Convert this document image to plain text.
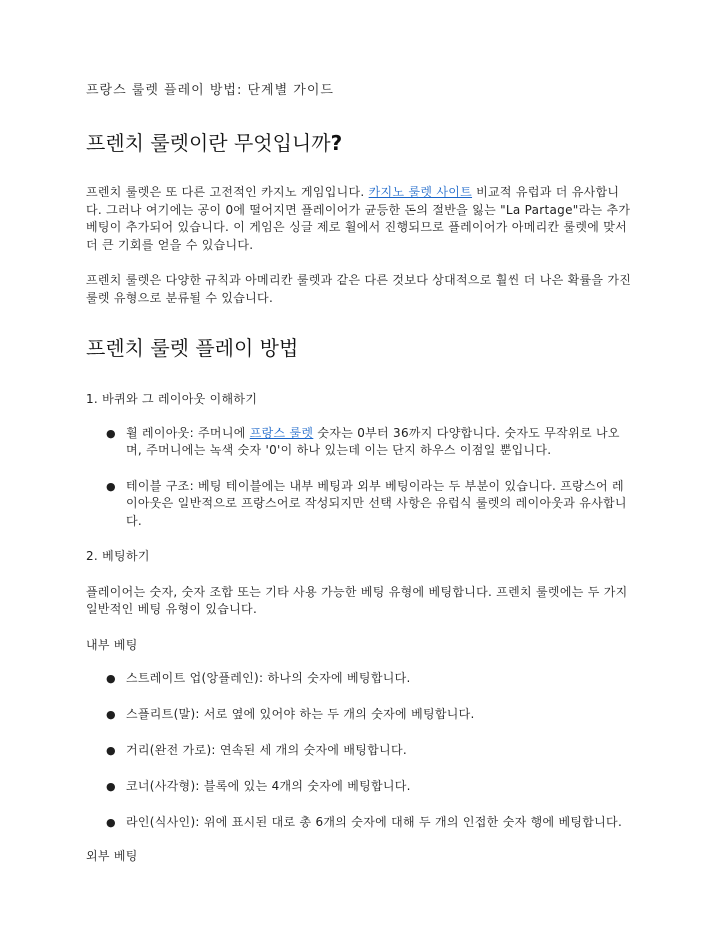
프랑스 룰렛 플레이 방법: 단계별 가이드

프렌치 룰렛이란 무엇입니까?

프렌치 룰렛은 또 다른 고전적인 카지노 게임입니다. 카지노 룰렛 사이트 비교적 유럽과 더 유사합니다. 그러나 여기에는 공이 0에 떨어지면 플레이어가 균등한 돈의 절반을 잃는 "La Partage"라는 추가 베팅이 추가되어 있습니다. 이 게임은 싱글 제로 휠에서 진행되므로 플레이어가 아메리칸 룰렛에 맞서 더 큰 기회를 얻을 수 있습니다.

프렌치 룰렛은 다양한 규칙과 아메리칸 룰렛과 같은 다른 것보다 상대적으로 훨씬 더 나은 확률을 가진 룰렛 유형으로 분류될 수 있습니다.

프렌치 룰렛 플레이 방법

1. 바퀴와 그 레이아웃 이해하기

● 휠 레이아웃: 주머니에 프랑스 룰렛 숫자는 0부터 36까지 다양합니다. 숫자도 무작위로 나오며, 주머니에는 녹색 숫자 '0'이 하나 있는데 이는 단지 하우스 이점일 뿐입니다.
● 테이블 구조: 베팅 테이블에는 내부 베팅과 외부 베팅이라는 두 부분이 있습니다. 프랑스어 레이아웃은 일반적으로 프랑스어로 작성되지만 선택 사항은 유럽식 룰렛의 레이아웃과 유사합니다.

2. 베팅하기

플레이어는 숫자, 숫자 조합 또는 기타 사용 가능한 베팅 유형에 베팅합니다. 프렌치 룰렛에는 두 가지 일반적인 베팅 유형이 있습니다.

내부 베팅

● 스트레이트 업(앙플레인): 하나의 숫자에 베팅합니다.
● 스플리트(말): 서로 옆에 있어야 하는 두 개의 숫자에 베팅합니다.
● 거리(완전 가로): 연속된 세 개의 숫자에 배팅합니다.
● 코너(사각형): 블록에 있는 4개의 숫자에 베팅합니다.
● 라인(식사인): 위에 표시된 대로 총 6개의 숫자에 대해 두 개의 인접한 숫자 행에 베팅합니다.

외부 베팅
